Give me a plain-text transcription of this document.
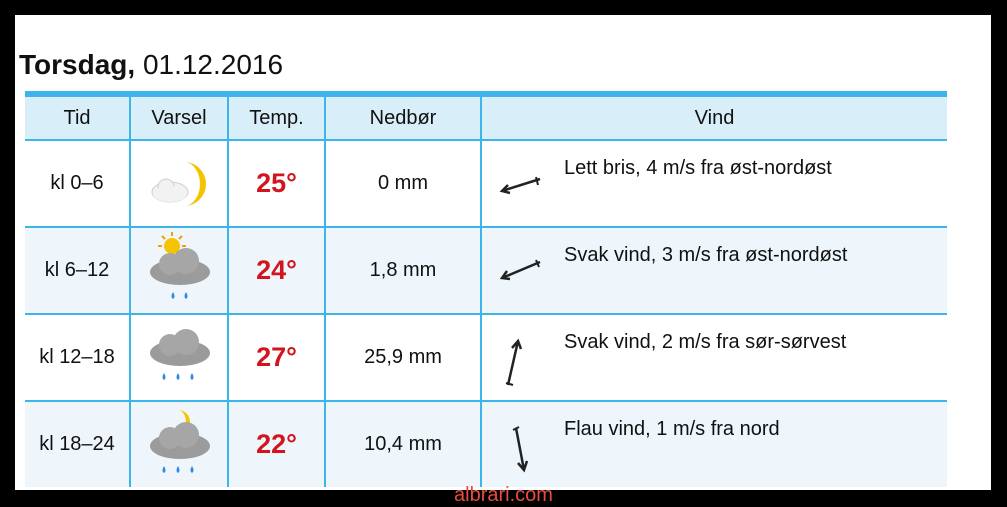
Torsdag, 01.12.2016
Tid	Varsel	Temp.	Nedbør	Vind
kl 0–6		25°	0 mm	Lett bris, 4 m/s fra øst-nordøst

kl 6–12		24°	1,8 mm	Svak vind, 3 m/s fra øst-nordøst

kl 12–18		27°	25,9 mm	Svak vind, 2 m/s fra sør-sørvest

kl 18–24		22°	10,4 mm	Flau vind, 1 m/s fra nord
albrari.com
